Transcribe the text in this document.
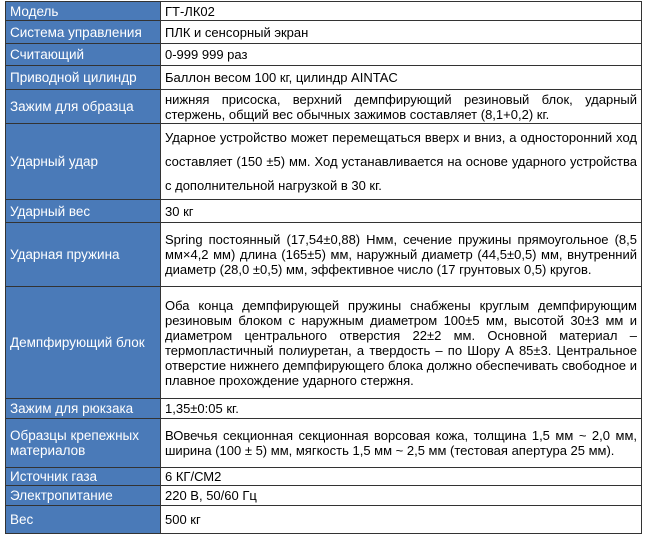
Модель	ГТ-ЛК02
Система управления	ПЛК и сенсорный экран
Считающий	0-999 999 раз
Приводной цилиндр	Баллон весом 100 кг, цилиндр AINTAC
Зажим для образца	нижняя присоска, верхний демпфирующий резиновый блок, ударный стержень, общий вес обычных зажимов составляет (8,1+0,2) кг.
Ударный удар	Ударное устройство может перемещаться вверх и вниз, а односторонний ход составляет (150 ±5) мм. Ход устанавливается на основе ударного устройства с дополнительной нагрузкой в 30 кг.
Ударный вес	30 кг
Ударная пружина	Spring постоянный (17,54±0,88) Нмм, сечение пружины прямоугольное (8,5 мм×4,2 мм) длина (165±5) мм, наружный диаметр (44,5±0,5) мм, внутренний диаметр (28,0 ±0,5) мм, эффективное число (17 грунтовых 0,5) кругов.
Демпфирующий блок	Оба конца демпфирующей пружины снабжены круглым демпфирующим резиновым блоком с наружным диаметром 100±5 мм, высотой 30±3 мм и диаметром центрального отверстия 22±2 мм. Основной материал – термопластичный полиуретан, а твердость – по Шору А 85±3. Центральное отверстие нижнего демпфирующего блока должно обеспечивать свободное и плавное прохождение ударного стержня.
Зажим для рюкзака	1,35±0:05 кг.
Образцы крепежных материалов	ВОвечья секционная секционная ворсовая кожа, толщина 1,5 мм ~ 2,0 мм, ширина (100 ± 5) мм, мягкость 1,5 мм ~ 2,5 мм (тестовая апертура 25 мм).
Источник газа	6 КГ/СМ2
Электропитание	220 В, 50/60 Гц
Вес	500 кг
